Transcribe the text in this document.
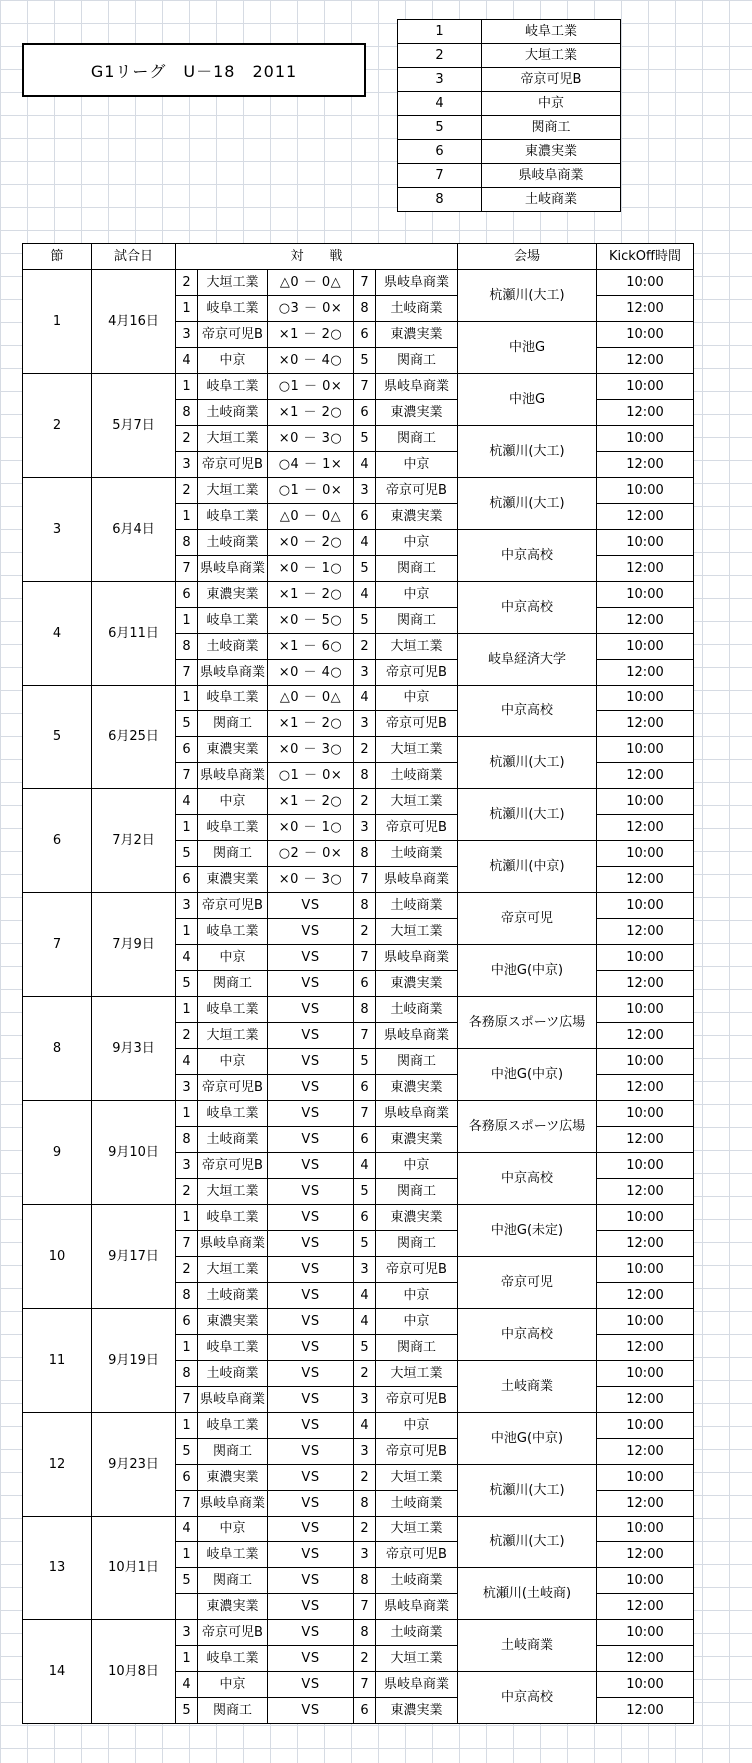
G1リーグ　U－18　2011
1	岐阜工業
2	大垣工業
3	帝京可児B
4	中京
5	関商工
6	東濃実業
7	県岐阜商業
8	土岐商業
節	試合日	対　　戦					会場	KickOff時間
1	4月16日	2	大垣工業	△0 － 0△	7	県岐阜商業	杭瀬川(大工)	10:00
		1	岐阜工業	○3 － 0×	8	土岐商業		12:00
		3	帝京可児B	×1 － 2○	6	東濃実業	中池G	10:00
		4	中京	×0 － 4○	5	関商工		12:00
2	5月7日	1	岐阜工業	○1 － 0×	7	県岐阜商業	中池G	10:00
		8	土岐商業	×1 － 2○	6	東濃実業		12:00
		2	大垣工業	×0 － 3○	5	関商工	杭瀬川(大工)	10:00
		3	帝京可児B	○4 － 1×	4	中京		12:00
3	6月4日	2	大垣工業	○1 － 0×	3	帝京可児B	杭瀬川(大工)	10:00
		1	岐阜工業	△0 － 0△	6	東濃実業		12:00
		8	土岐商業	×0 － 2○	4	中京	中京高校	10:00
		7	県岐阜商業	×0 － 1○	5	関商工		12:00
4	6月11日	6	東濃実業	×1 － 2○	4	中京	中京高校	10:00
		1	岐阜工業	×0 － 5○	5	関商工		12:00
		8	土岐商業	×1 － 6○	2	大垣工業	岐阜経済大学	10:00
		7	県岐阜商業	×0 － 4○	3	帝京可児B		12:00
5	6月25日	1	岐阜工業	△0 － 0△	4	中京	中京高校	10:00
		5	関商工	×1 － 2○	3	帝京可児B		12:00
		6	東濃実業	×0 － 3○	2	大垣工業	杭瀬川(大工)	10:00
		7	県岐阜商業	○1 － 0×	8	土岐商業		12:00
6	7月2日	4	中京	×1 － 2○	2	大垣工業	杭瀬川(大工)	10:00
		1	岐阜工業	×0 － 1○	3	帝京可児B		12:00
		5	関商工	○2 － 0×	8	土岐商業	杭瀬川(中京)	10:00
		6	東濃実業	×0 － 3○	7	県岐阜商業		12:00
7	7月9日	3	帝京可児B	VS	8	土岐商業	帝京可児	10:00
		1	岐阜工業	VS	2	大垣工業		12:00
		4	中京	VS	7	県岐阜商業	中池G(中京)	10:00
		5	関商工	VS	6	東濃実業		12:00
8	9月3日	1	岐阜工業	VS	8	土岐商業	各務原スポーツ広場	10:00
		2	大垣工業	VS	7	県岐阜商業		12:00
		4	中京	VS	5	関商工	中池G(中京)	10:00
		3	帝京可児B	VS	6	東濃実業		12:00
9	9月10日	1	岐阜工業	VS	7	県岐阜商業	各務原スポーツ広場	10:00
		8	土岐商業	VS	6	東濃実業		12:00
		3	帝京可児B	VS	4	中京	中京高校	10:00
		2	大垣工業	VS	5	関商工		12:00
10	9月17日	1	岐阜工業	VS	6	東濃実業	中池G(未定)	10:00
		7	県岐阜商業	VS	5	関商工		12:00
		2	大垣工業	VS	3	帝京可児B	帝京可児	10:00
		8	土岐商業	VS	4	中京		12:00
11	9月19日	6	東濃実業	VS	4	中京	中京高校	10:00
		1	岐阜工業	VS	5	関商工		12:00
		8	土岐商業	VS	2	大垣工業	土岐商業	10:00
		7	県岐阜商業	VS	3	帝京可児B		12:00
12	9月23日	1	岐阜工業	VS	4	中京	中池G(中京)	10:00
		5	関商工	VS	3	帝京可児B		12:00
		6	東濃実業	VS	2	大垣工業	杭瀬川(大工)	10:00
		7	県岐阜商業	VS	8	土岐商業		12:00
13	10月1日	4	中京	VS	2	大垣工業	杭瀬川(大工)	10:00
		1	岐阜工業	VS	3	帝京可児B		12:00
		5	関商工	VS	8	土岐商業	杭瀬川(土岐商)	10:00
			東濃実業	VS	7	県岐阜商業		12:00
14	10月8日	3	帝京可児B	VS	8	土岐商業	土岐商業	10:00
		1	岐阜工業	VS	2	大垣工業		12:00
		4	中京	VS	7	県岐阜商業	中京高校	10:00
		5	関商工	VS	6	東濃実業		12:00
